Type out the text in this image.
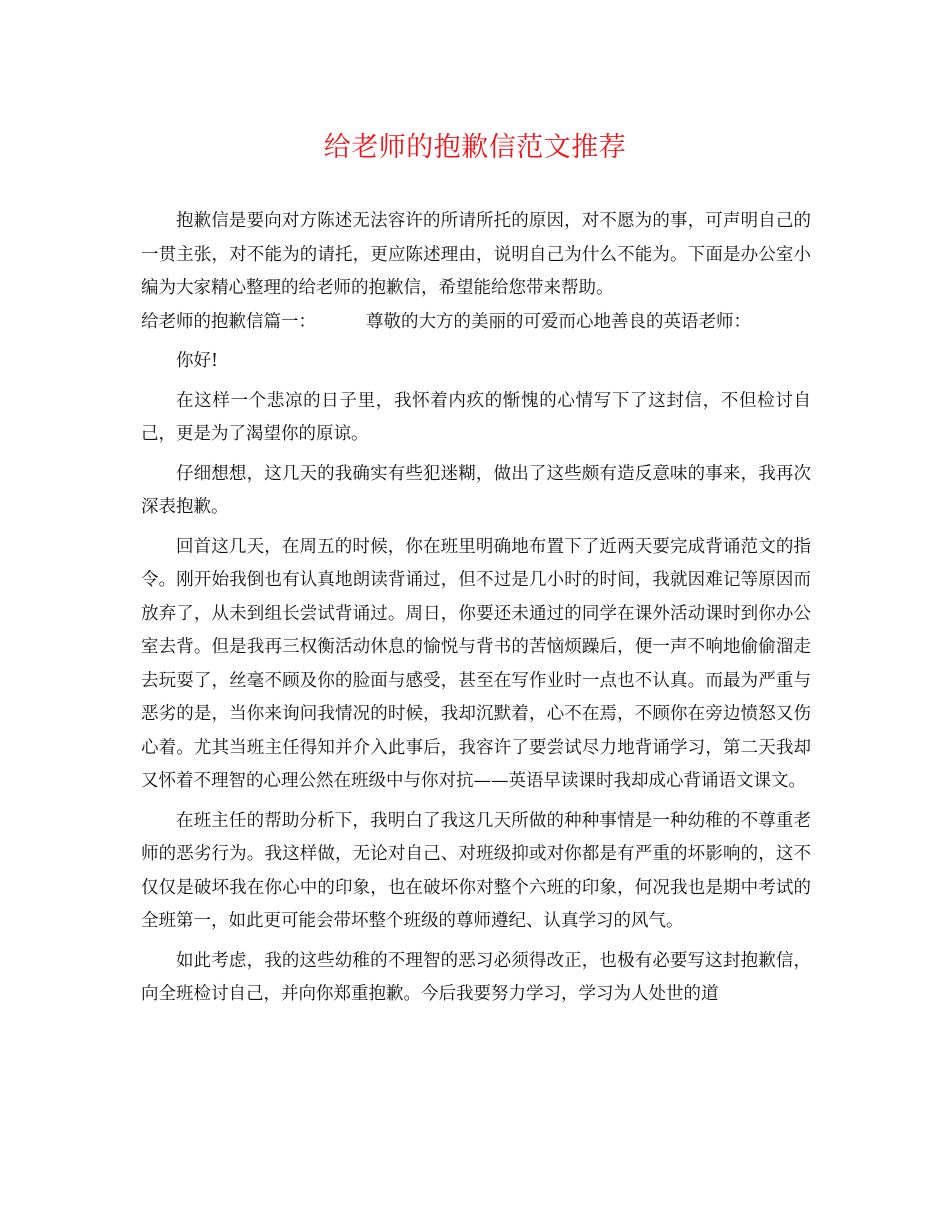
给老师的抱歉信范文推荐

抱歉信是要向对方陈述无法容许的所请所托的原因，对不愿为的事，可声明自己的一贯主张，对不能为的请托，更应陈述理由，说明自己为什么不能为。下面是办公室小编为大家精心整理的给老师的抱歉信，希望能给您带来帮助。

给老师的抱歉信篇一：	尊敬的大方的美丽的可爱而心地善良的英语老师：

你好!

在这样一个悲凉的日子里，我怀着内疚的惭愧的心情写下了这封信，不但检讨自己，更是为了渴望你的原谅。

仔细想想，这几天的我确实有些犯迷糊，做出了这些颇有造反意味的事来，我再次深表抱歉。

回首这几天，在周五的时候，你在班里明确地布置下了近两天要完成背诵范文的指令。刚开始我倒也有认真地朗读背诵过，但不过是几小时的时间，我就因难记等原因而放弃了，从未到组长尝试背诵过。周日，你要还未通过的同学在课外活动课时到你办公室去背。但是我再三权衡活动休息的愉悦与背书的苦恼烦躁后，便一声不响地偷偷溜走去玩耍了，丝毫不顾及你的脸面与感受，甚至在写作业时一点也不认真。而最为严重与恶劣的是，当你来询问我情况的时候，我却沉默着，心不在焉，不顾你在旁边愤怒又伤心着。尤其当班主任得知并介入此事后，我容许了要尝试尽力地背诵学习，第二天我却又怀着不理智的心理公然在班级中与你对抗——英语早读课时我却成心背诵语文课文。

在班主任的帮助分析下，我明白了我这几天所做的种种事情是一种幼稚的不尊重老师的恶劣行为。我这样做，无论对自己、对班级抑或对你都是有严重的坏影响的，这不仅仅是破坏我在你心中的印象，也在破坏你对整个六班的印象，何况我也是期中考试的全班第一，如此更可能会带坏整个班级的尊师遵纪、认真学习的风气。

如此考虑，我的这些幼稚的不理智的恶习必须得改正，也极有必要写这封抱歉信，向全班检讨自己，并向你郑重抱歉。今后我要努力学习，学习为人处世的道
